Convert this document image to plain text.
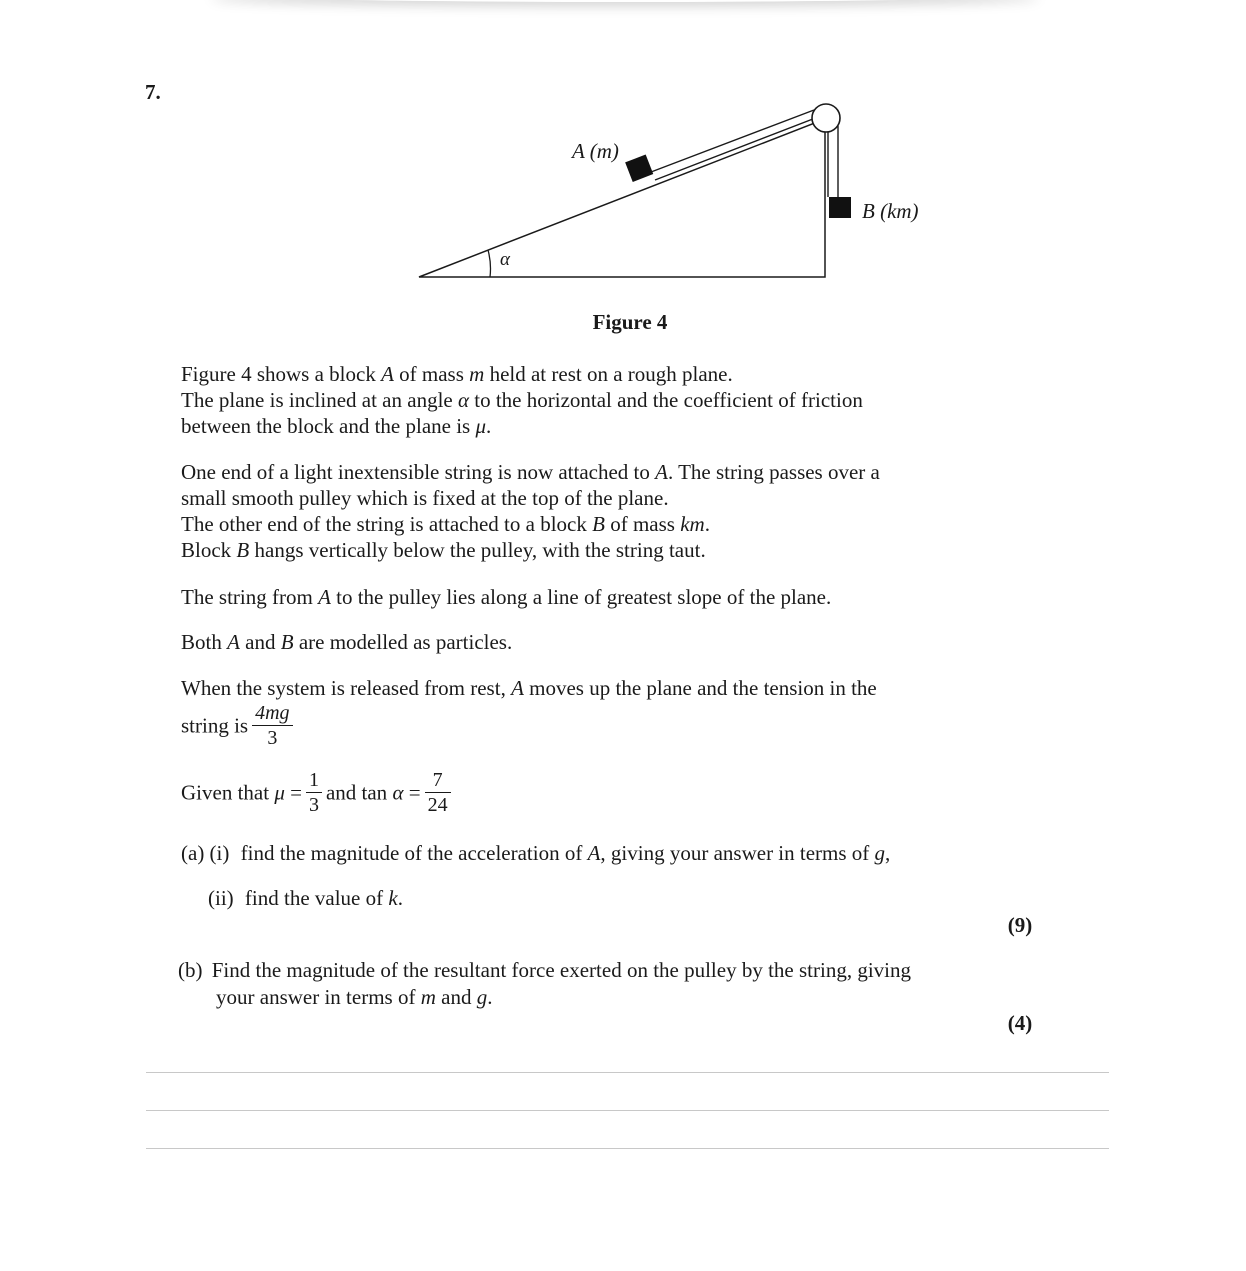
7.
A (m)
B (km)
α
Figure 4
Figure 4 shows a block A of mass m held at rest on a rough plane.
The plane is inclined at an angle α to the horizontal and the coefficient of friction
between the block and the plane is μ.
One end of a light inextensible string is now attached to A. The string passes over a
small smooth pulley which is fixed at the top of the plane.
The other end of the string is attached to a block B of mass km.
Block B hangs vertically below the pulley, with the string taut.
The string from A to the pulley lies along a line of greatest slope of the plane.
Both A and B are modelled as particles.
When the system is released from rest, A moves up the plane and the tension in the
string is $\frac{4mg}{3}$
Given that $\mu = \frac{1}{3}$ and $\tan \alpha = \frac{7}{24}$
(a) (i) find the magnitude of the acceleration of A, giving your answer in terms of g,
(ii) find the value of k.
(9)
(b) Find the magnitude of the resultant force exerted on the pulley by the string, giving
your answer in terms of m and g.
(4)
